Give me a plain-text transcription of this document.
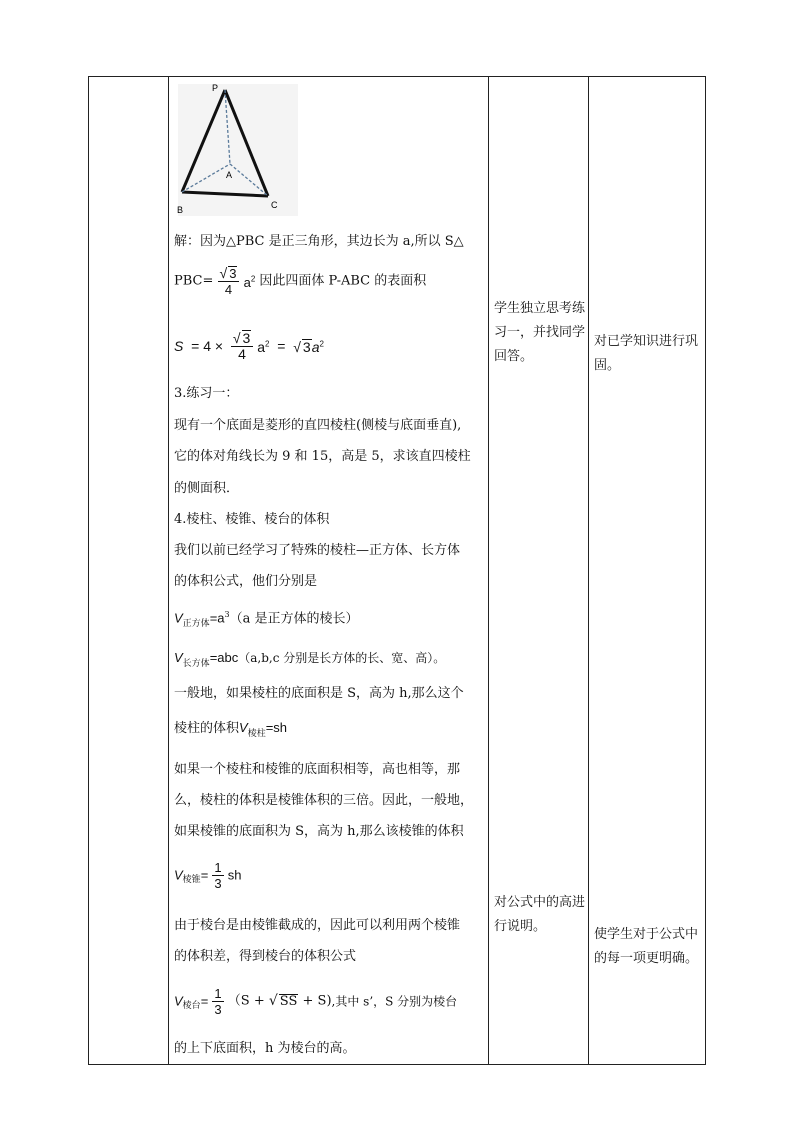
P
A
B	C
解：因为△PBC 是正三角形，其边长为 a,所以 S△
$PBC= \frac{√ 3}{4} a^2$ 因此四面体 P-ABC 的表面积
$S = 4 \times \frac{√ 3}{4} a^2$  =  √ $3a^2$
3.练习一：
现有一个底面是菱形的直四棱柱(侧棱与底面垂直),
它的体对角线长为 9 和 15，高是 5，求该直四棱柱
的侧面积．
4.棱柱、棱锥、棱台的体积
我们以前已经学习了特殊的棱柱—正方体、长方体
的体积公式，他们分别是
$V_{正方体}=a^3(a$ 是正方体的棱长）
$V_{长方体}=abc(a,b,c$ 分别是长方体的长、宽、高）。
一般地，如果棱柱的底面积是 S，高为 h,那么这个
棱柱的体积$V_{棱柱}=sh$
如果一个棱柱和棱锥的底面积相等，高也相等，那
么，棱柱的体积是棱锥体积的三倍。因此，一般地，
如果棱锥的底面积为 S，高为 h,那么该棱锥的体积
$V_{棱锥}= \frac{1}{3}$ sh
由于棱台是由棱锥截成的，因此可以利用两个棱锥
的体积差，得到棱台的体积公式
$V_{棱台}= \frac{1}{3} (S$ + √ SS + S),其中 s’，S 分别为棱台
的上下底面积，h 为棱台的高。
学生独立思考练习一，并找同学回答。
对公式中的高进行说明。
对已学知识进行巩固。
使学生对于公式中的每一项更明确。
